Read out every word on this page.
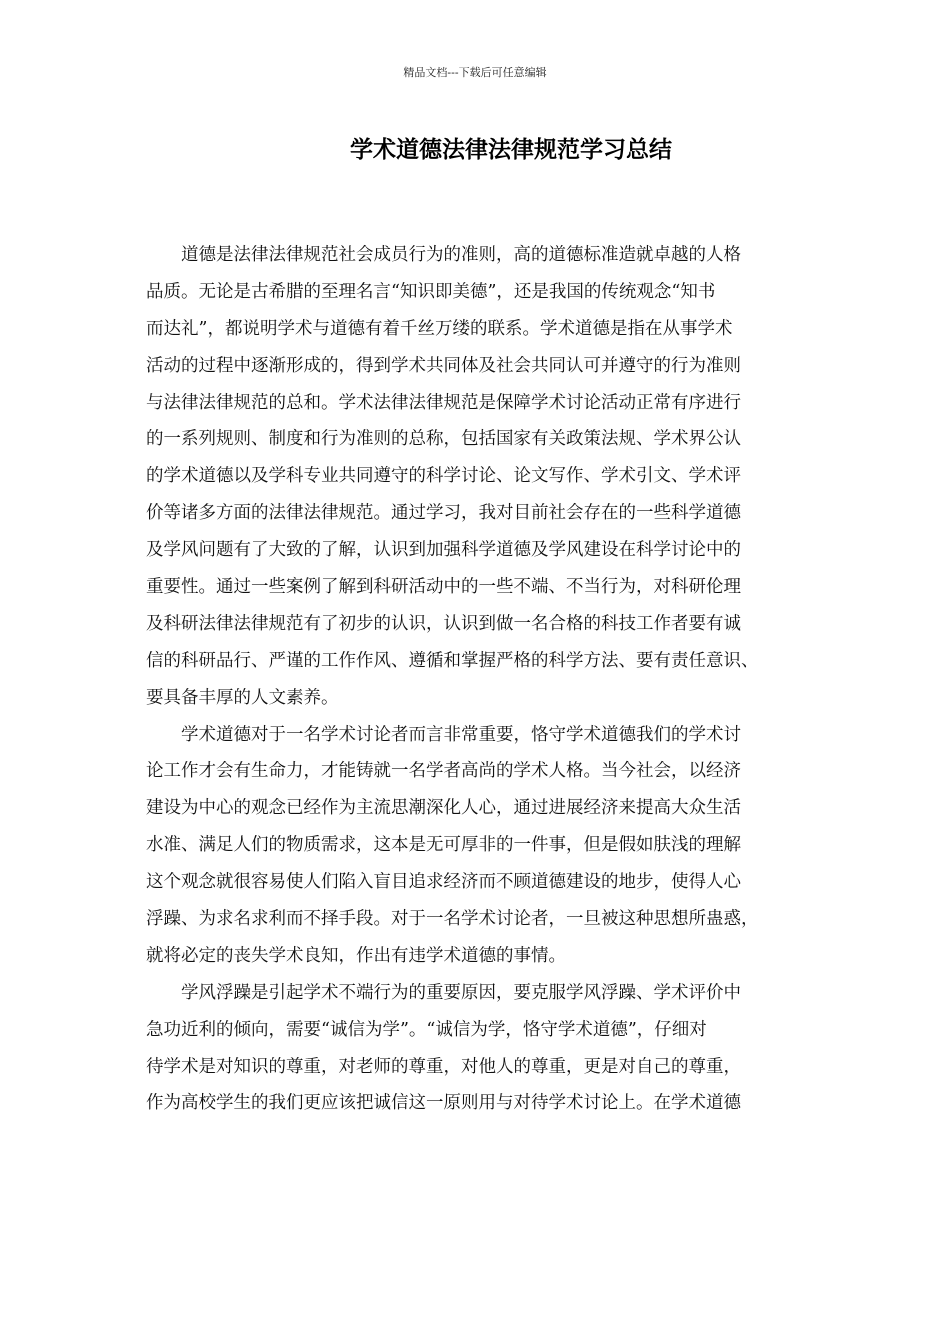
精品文档---下载后可任意编辑
学术道德法律法律规范学习总结
道德是法律法律规范社会成员行为的准则，高的道德标准造就卓越的人格
品质。无论是古希腊的至理名言“知识即美德”，还是我国的传统观念“知书
而达礼”，都说明学术与道德有着千丝万缕的联系。学术道德是指在从事学术
活动的过程中逐渐形成的，得到学术共同体及社会共同认可并遵守的行为准则
与法律法律规范的总和。学术法律法律规范是保障学术讨论活动正常有序进行
的一系列规则、制度和行为准则的总称，包括国家有关政策法规、学术界公认
的学术道德以及学科专业共同遵守的科学讨论、论文写作、学术引文、学术评
价等诸多方面的法律法律规范。通过学习，我对目前社会存在的一些科学道德
及学风问题有了大致的了解，认识到加强科学道德及学风建设在科学讨论中的
重要性。通过一些案例了解到科研活动中的一些不端、不当行为，对科研伦理
及科研法律法律规范有了初步的认识，认识到做一名合格的科技工作者要有诚
信的科研品行、严谨的工作作风、遵循和掌握严格的科学方法、要有责任意识、
要具备丰厚的人文素养。
学术道德对于一名学术讨论者而言非常重要，恪守学术道德我们的学术讨
论工作才会有生命力，才能铸就一名学者高尚的学术人格。当今社会，以经济
建设为中心的观念已经作为主流思潮深化人心，通过进展经济来提高大众生活
水准、满足人们的物质需求，这本是无可厚非的一件事，但是假如肤浅的理解
这个观念就很容易使人们陷入盲目追求经济而不顾道德建设的地步，使得人心
浮躁、为求名求利而不择手段。对于一名学术讨论者，一旦被这种思想所蛊惑，
就将必定的丧失学术良知，作出有违学术道德的事情。
学风浮躁是引起学术不端行为的重要原因，要克服学风浮躁、学术评价中
急功近利的倾向，需要“诚信为学”。“诚信为学，恪守学术道德”，仔细对
待学术是对知识的尊重，对老师的尊重，对他人的尊重，更是对自己的尊重，
作为高校学生的我们更应该把诚信这一原则用与对待学术讨论上。在学术道德
